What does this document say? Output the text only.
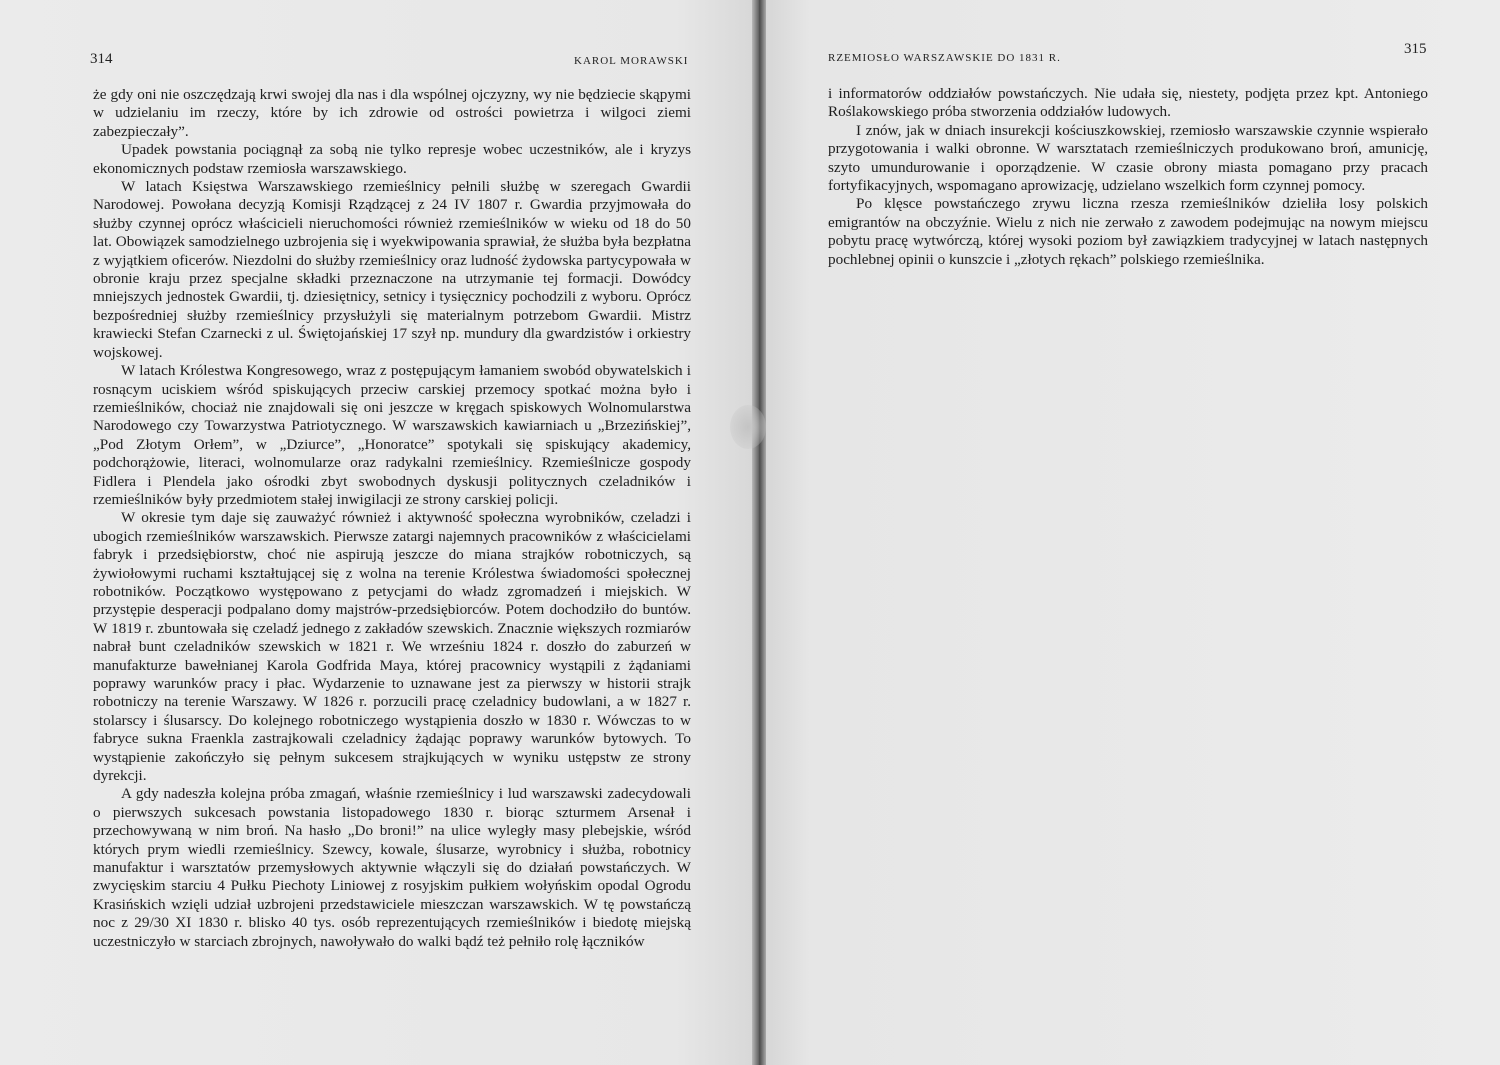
314	KAROL MORAWSKI

że gdy oni nie oszczędzają krwi swojej dla nas i dla wspólnej ojczyzny, wy nie będziecie skąpymi w udzielaniu im rzeczy, które by ich zdrowie od ostrości powietrza i wilgoci ziemi zabezpieczały”.

Upadek powstania pociągnął za sobą nie tylko represje wobec uczestników, ale i kryzys ekonomicznych podstaw rzemiosła warszawskiego.

W latach Księstwa Warszawskiego rzemieślnicy pełnili służbę w szeregach Gwardii Narodowej. Powołana decyzją Komisji Rządzącej z 24 IV 1807 r. Gwardia przyjmowała do służby czynnej oprócz właścicieli nieruchomości również rzemieślników w wieku od 18 do 50 lat. Obowiązek samodzielnego uzbrojenia się i wyekwipowania sprawiał, że służba była bezpłatna z wyjątkiem oficerów. Niezdolni do służby rzemieślnicy oraz ludność żydowska partycypowała w obronie kraju przez specjalne składki przeznaczone na utrzymanie tej formacji. Dowódcy mniejszych jednostek Gwardii, tj. dziesiętnicy, setnicy i tysięcznicy pochodzili z wyboru. Oprócz bezpośredniej służby rzemieślnicy przysłużyli się materialnym potrzebom Gwardii. Mistrz krawiecki Stefan Czarnecki z ul. Świętojańskiej 17 szył np. mundury dla gwardzistów i orkiestry wojskowej.

W latach Królestwa Kongresowego, wraz z postępującym łamaniem swobód obywatelskich i rosnącym uciskiem wśród spiskujących przeciw carskiej przemocy spotkać można było i rzemieślników, chociaż nie znajdowali się oni jeszcze w kręgach spiskowych Wolnomularstwa Narodowego czy Towarzystwa Patriotycznego. W warszawskich kawiarniach u „Brzezińskiej”, „Pod Złotym Orłem”, w „Dziurce”, „Honoratce” spotykali się spiskujący akademicy, podchorążowie, literaci, wolnomularze oraz radykalni rzemieślnicy. Rzemieślnicze gospody Fidlera i Plendela jako ośrodki zbyt swobodnych dyskusji politycznych czeladników i rzemieślników były przedmiotem stałej inwigilacji ze strony carskiej policji.

W okresie tym daje się zauważyć również i aktywność społeczna wyrobników, czeladzi i ubogich rzemieślników warszawskich. Pierwsze zatargi najemnych pracowników z właścicielami fabryk i przedsiębiorstw, choć nie aspirują jeszcze do miana strajków robotniczych, są żywiołowymi ruchami kształtującej się z wolna na terenie Królestwa świadomości społecznej robotników. Początkowo występowano z petycjami do władz zgromadzeń i miejskich. W przystępie desperacji podpalano domy majstrów-przedsiębiorców. Potem dochodziło do buntów. W 1819 r. zbuntowała się czeladź jednego z zakładów szewskich. Znacznie większych rozmiarów nabrał bunt czeladników szewskich w 1821 r. We wrześniu 1824 r. doszło do zaburzeń w manufakturze bawełnianej Karola Godfrida Maya, której pracownicy wystąpili z żądaniami poprawy warunków pracy i płac. Wydarzenie to uznawane jest za pierwszy w historii strajk robotniczy na terenie Warszawy. W 1826 r. porzucili pracę czeladnicy budowlani, a w 1827 r. stolarscy i ślusarscy. Do kolejnego robotniczego wystąpienia doszło w 1830 r. Wówczas to w fabryce sukna Fraenkla zastrajkowali czeladnicy żądając poprawy warunków bytowych. To wystąpienie zakończyło się pełnym sukcesem strajkujących w wyniku ustępstw ze strony dyrekcji.

A gdy nadeszła kolejna próba zmagań, właśnie rzemieślnicy i lud warszawski zadecydowali o pierwszych sukcesach powstania listopadowego 1830 r. biorąc szturmem Arsenał i przechowywaną w nim broń. Na hasło „Do broni!” na ulice wyległy masy plebejskie, wśród których prym wiedli rzemieślnicy. Szewcy, kowale, ślusarze, wyrobnicy i służba, robotnicy manufaktur i warsztatów przemysłowych aktywnie włączyli się do działań powstańczych. W zwycięskim starciu 4 Pułku Piechoty Liniowej z rosyjskim pułkiem wołyńskim opodal Ogrodu Krasińskich wzięli udział uzbrojeni przedstawiciele mieszczan warszawskich. W tę powstańczą noc z 29/30 XI 1830 r. blisko 40 tys. osób reprezentujących rzemieślników i biedotę miejską uczestniczyło w starciach zbrojnych, nawoływało do walki bądź też pełniło rolę łączników

RZEMIOSŁO WARSZAWSKIE DO 1831 R.
315

i informatorów oddziałów powstańczych. Nie udała się, niestety, podjęta przez kpt. Antoniego Roślakowskiego próba stworzenia oddziałów ludowych.

I znów, jak w dniach insurekcji kościuszkowskiej, rzemiosło warszawskie czynnie wspierało przygotowania i walki obronne. W warsztatach rzemieślniczych produkowano broń, amunicję, szyto umundurowanie i oporządzenie. W czasie obrony miasta pomagano przy pracach fortyfikacyjnych, wspomagano aprowizację, udzielano wszelkich form czynnej pomocy.

Po klęsce powstańczego zrywu liczna rzesza rzemieślników dzieliła losy polskich emigrantów na obczyźnie. Wielu z nich nie zerwało z zawodem podejmując na nowym miejscu pobytu pracę wytwórczą, której wysoki poziom był zawiązkiem tradycyjnej w latach następnych pochlebnej opinii o kunszcie i „złotych rękach” polskiego rzemieślnika.
